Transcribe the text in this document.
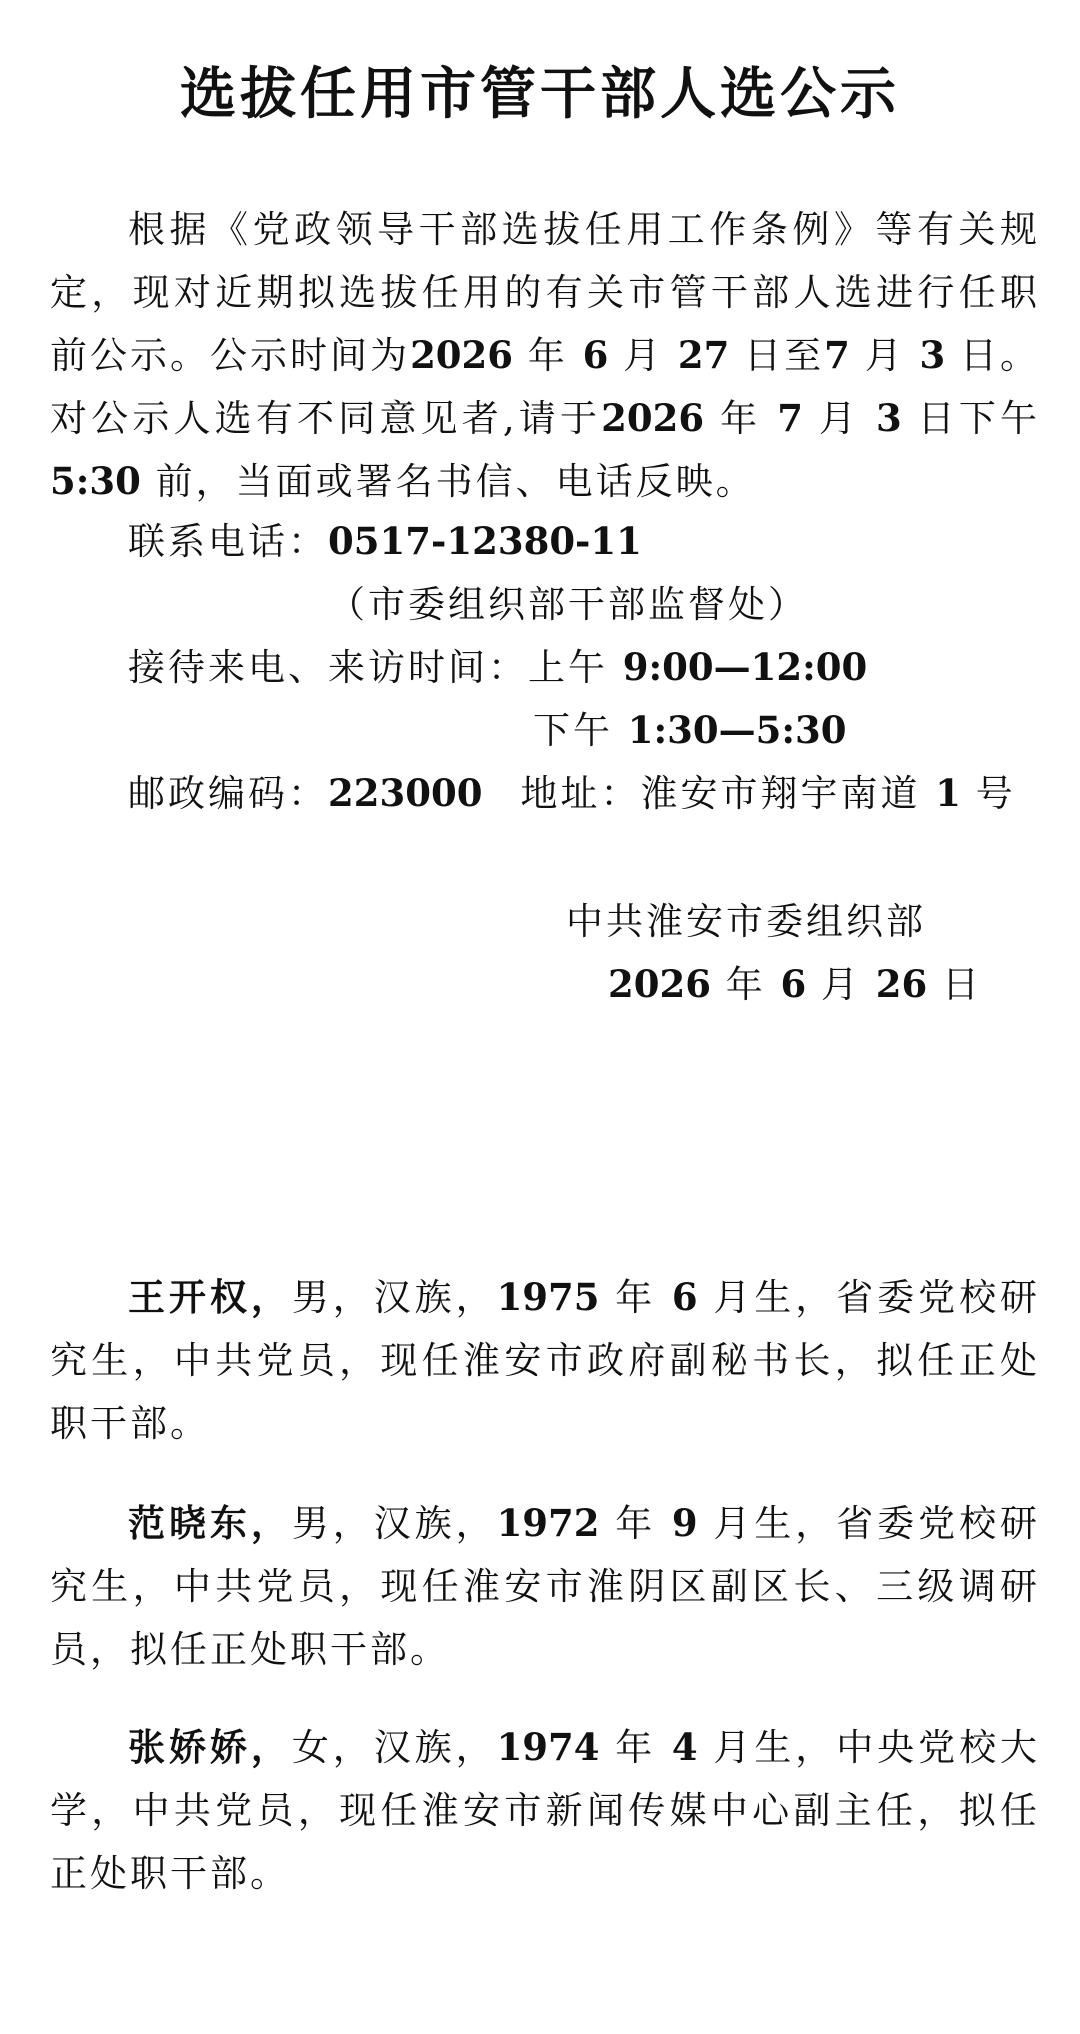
选拔任用市管干部人选公示
根据《党政领导干部选拔任用工作条例》等有关规定，现对近期拟选拔任用的有关市管干部人选进行任职前公示。公示时间为2026 年 6 月 27 日至7 月 3 日。对公示人选有不同意见者,请于2026 年 7 月 3 日下午 5:30 前，当面或署名书信、电话反映。
联系电话：0517-12380-11
（市委组织部干部监督处）
接待来电、来访时间：上午 9:00—12:00
下午 1:30—5:30
邮政编码：223000 地址：淮安市翔宇南道 1 号
中共淮安市委组织部
2026 年 6 月 26 日
王开权，男，汉族，1975 年 6 月生，省委党校研究生，中共党员，现任淮安市政府副秘书长，拟任正处职干部。
范晓东，男，汉族，1972 年 9 月生，省委党校研究生，中共党员，现任淮安市淮阴区副区长、三级调研员，拟任正处职干部。
张娇娇，女，汉族，1974 年 4 月生，中央党校大学，中共党员，现任淮安市新闻传媒中心副主任，拟任正处职干部。
